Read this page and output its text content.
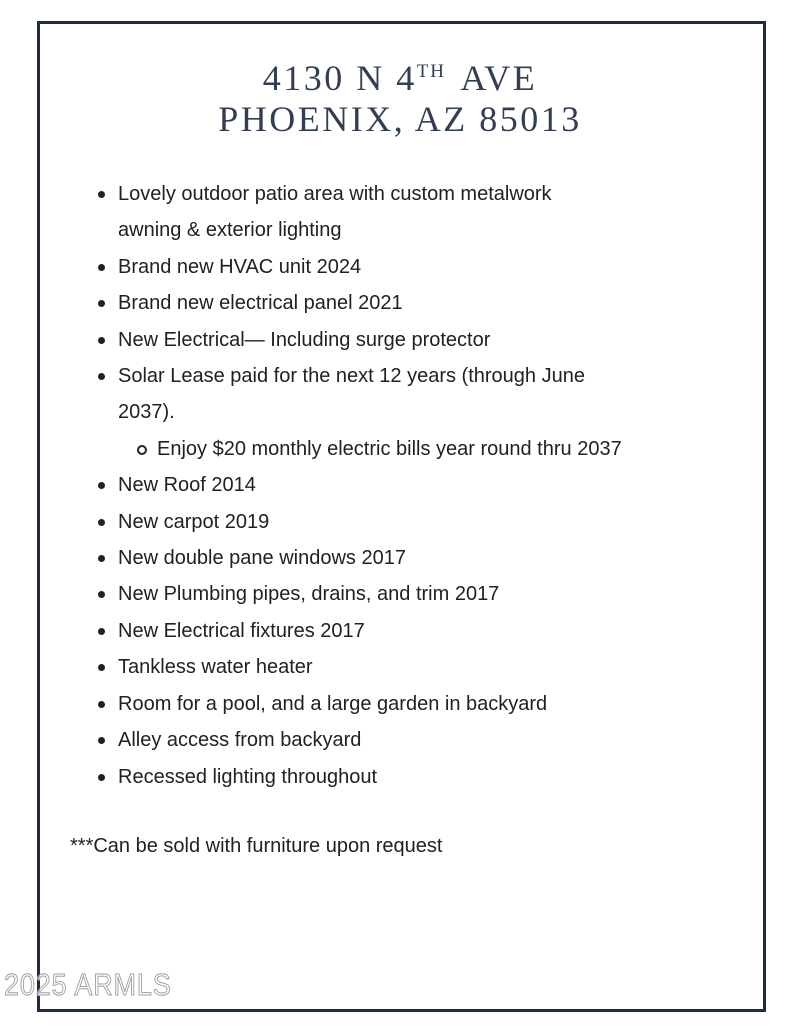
4130 N 4TH AVE
PHOENIX, AZ 85013
Lovely outdoor patio area with custom metalwork
awning & exterior lighting
Brand new HVAC unit 2024
Brand new electrical panel 2021
New Electrical— Including surge protector
Solar Lease paid for the next 12 years (through June
2037).
Enjoy $20 monthly electric bills year round thru 2037
New Roof 2014
New carpot 2019
New double pane windows 2017
New Plumbing pipes, drains, and trim 2017
New Electrical fixtures 2017
Tankless water heater
Room for a pool, and a large garden in backyard
Alley access from backyard
Recessed lighting throughout

***Can be sold with furniture upon request

2025 ARMLS
